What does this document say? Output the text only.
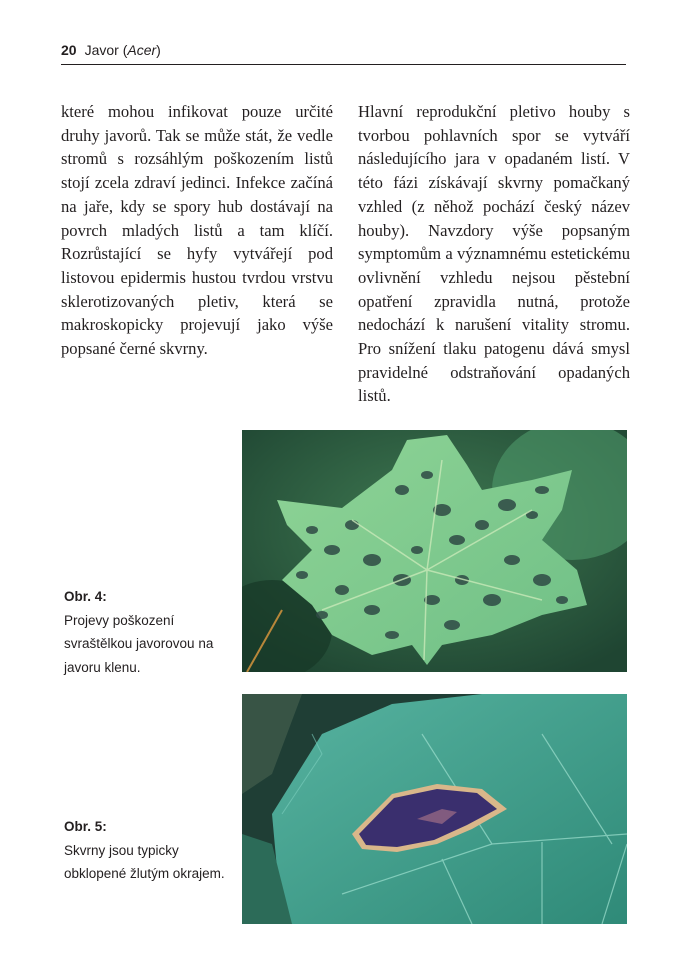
20 Javor (Acer)
které mohou infikovat pouze určité druhy javorů. Tak se může stát, že vedle stromů s rozsáhlým poškozením listů stojí zcela zdraví jedinci. Infekce začíná na jaře, kdy se spory hub dostávají na povrch mladých listů a tam klíčí. Rozrůstající se hyfy vytvářejí pod listovou epidermis hustou tvrdou vrstvu sklerotizovaných pletiv, která se makroskopicky projevují jako výše popsané černé skvrny.
Hlavní reprodukční pletivo houby s tvorbou pohlavních spor se vytváří následujícího jara v opadaném listí. V této fázi získávají skvrny pomačkaný vzhled (z něhož pochází český název houby). Navzdory výše popsaným symptomům a významnému estetickému ovlivnění vzhledu nejsou pěstební opatření zpravidla nutná, protože nedochází k narušení vitality stromu. Pro snížení tlaku patogenu dává smysl pravidelné odstraňování opadaných listů.
Obr. 4:
Projevy poškození svraštělkou javorovou na javoru klenu.
Obr. 5:
Skvrny jsou typicky obklopené žlutým okrajem.
